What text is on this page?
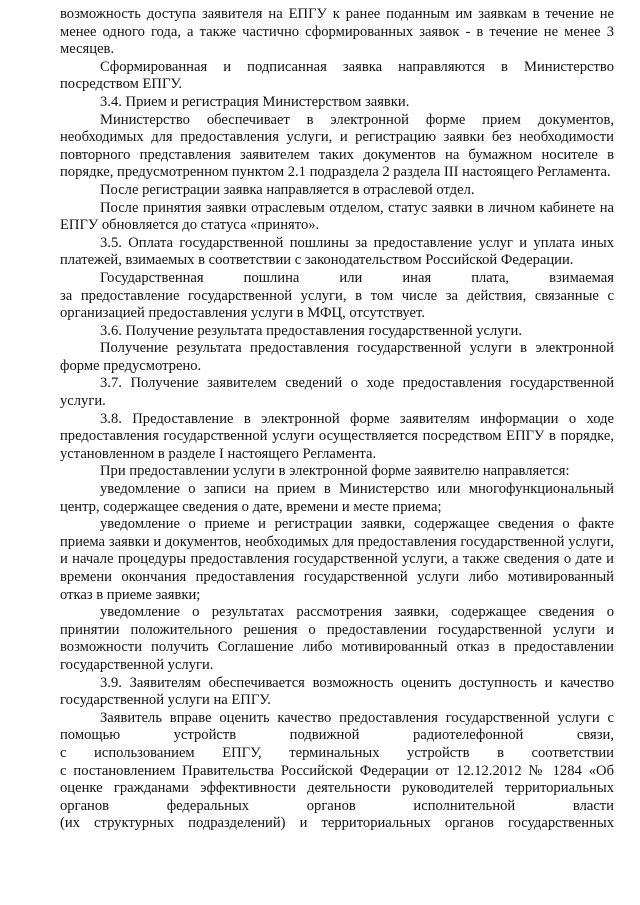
возможность доступа заявителя на ЕПГУ к ранее поданным им заявкам в течение не менее одного года, а также частично сформированных заявок - в течение не менее 3 месяцев.

Сформированная и подписанная заявка направляются в Министерство посредством ЕПГУ.

3.4. Прием и регистрация Министерством заявки.

Министерство обеспечивает в электронной форме прием документов, необходимых для предоставления услуги, и регистрацию заявки без необходимости повторного представления заявителем таких документов на бумажном носителе в порядке, предусмотренном пунктом 2.1 подраздела 2 раздела III настоящего Регламента.

После регистрации заявка направляется в отраслевой отдел.

После принятия заявки отраслевым отделом, статус заявки в личном кабинете на ЕПГУ обновляется до статуса «принято».

3.5. Оплата государственной пошлины за предоставление услуг и уплата иных платежей, взимаемых в соответствии с законодательством Российской Федерации.

Государственная пошлина или иная плата, взимаемая

за предоставление государственной услуги, в том числе за действия, связанные с организацией предоставления услуги в МФЦ, отсутствует.

3.6. Получение результата предоставления государственной услуги.

Получение результата предоставления государственной услуги в электронной форме предусмотрено.

3.7. Получение заявителем сведений о ходе предоставления государственной услуги.

3.8. Предоставление в электронной форме заявителям информации о ходе предоставления государственной услуги осуществляется посредством ЕПГУ в порядке, установленном в разделе I настоящего Регламента.

При предоставлении услуги в электронной форме заявителю направляется:

уведомление о записи на прием в Министерство или многофункциональный центр, содержащее сведения о дате, времени и месте приема;

уведомление о приеме и регистрации заявки, содержащее сведения о факте приема заявки и документов, необходимых для предоставления государственной услуги, и начале процедуры предоставления государственной услуги, а также сведения о дате и времени окончания предоставления государственной услуги либо мотивированный отказ в приеме заявки;

уведомление о результатах рассмотрения заявки, содержащее сведения о принятии положительного решения о предоставлении государственной услуги и возможности получить Соглашение либо мотивированный отказ в предоставлении государственной услуги.

3.9. Заявителям обеспечивается возможность оценить доступность и качество государственной услуги на ЕПГУ.

Заявитель вправе оценить качество предоставления государственной услуги с помощью устройств подвижной радиотелефонной связи,

с использованием ЕПГУ, терминальных устройств в соответствии

с постановлением Правительства Российской Федерации от 12.12.2012 № 1284 «Об оценке гражданами эффективности деятельности руководителей территориальных органов федеральных органов исполнительной власти

(их структурных подразделений) и территориальных органов государственных
